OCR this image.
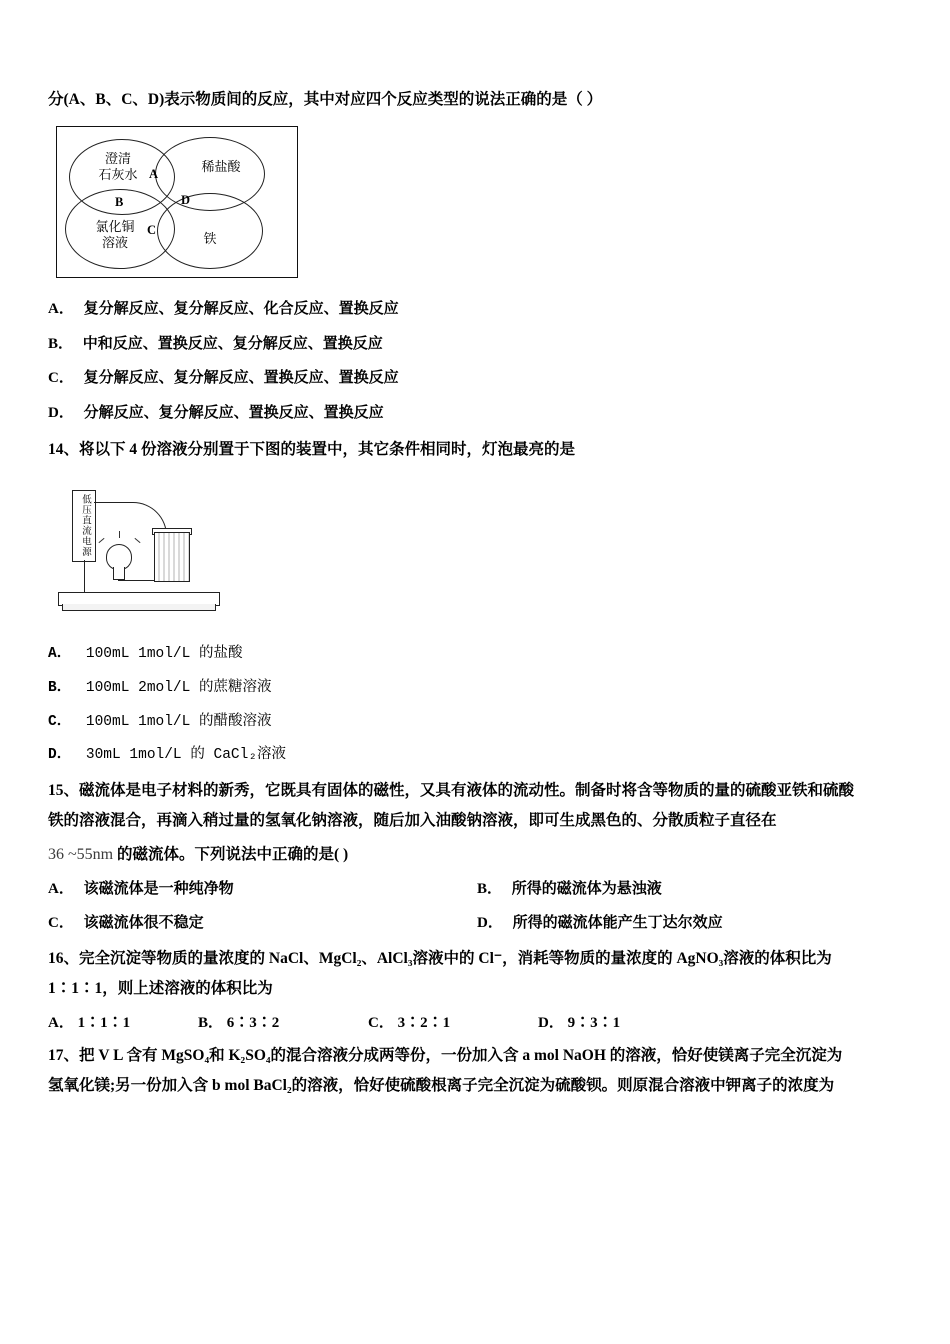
分(A、B、C、D)表示物质间的反应，其中对应四个反应类型的说法正确的是（ ）
澄清
石灰水
稀盐酸
氯化铜
溶液	铁
A
B
C
D
A． 复分解反应、复分解反应、化合反应、置换反应
B． 中和反应、置换反应、复分解反应、置换反应
C． 复分解反应、复分解反应、置换反应、置换反应
D． 分解反应、复分解反应、置换反应、置换反应
14、将以下 4 份溶液分别置于下图的装置中，其它条件相同时，灯泡最亮的是
低压直流电源
A． 100mL 1mol/L 的盐酸
B． 100mL 2mol/L 的蔗糖溶液
C． 100mL 1mol/L 的醋酸溶液
D． 30mL 1mol/L 的 CaCl₂溶液
15、磁流体是电子材料的新秀，它既具有固体的磁性，又具有液体的流动性。制备时将含等物质的量的硫酸亚铁和硫酸
铁的溶液混合，再滴入稍过量的氢氧化钠溶液，随后加入油酸钠溶液，即可生成黑色的、分散质粒子直径在
36 ~55nm 的磁流体。下列说法中正确的是( )
A． 该磁流体是一种纯净物	B． 所得的磁流体为悬浊液
C． 该磁流体很不稳定	D． 所得的磁流体能产生丁达尔效应
16、完全沉淀等物质的量浓度的 NaCl、MgCl₂、AlCl₃溶液中的 Cl⁻，消耗等物质的量浓度的 AgNO₃溶液的体积比为
1∶1∶1，则上述溶液的体积比为
A． 1∶1∶1	B． 6∶3∶2	C． 3∶2∶1	D． 9∶3∶1
17、把 V L 含有 MgSO₄和 K₂SO₄的混合溶液分成两等份，一份加入含 a mol NaOH 的溶液，恰好使镁离子完全沉淀为
氢氧化镁;另一份加入含 b mol BaCl₂的溶液，恰好使硫酸根离子完全沉淀为硫酸钡。则原混合溶液中钾离子的浓度为
